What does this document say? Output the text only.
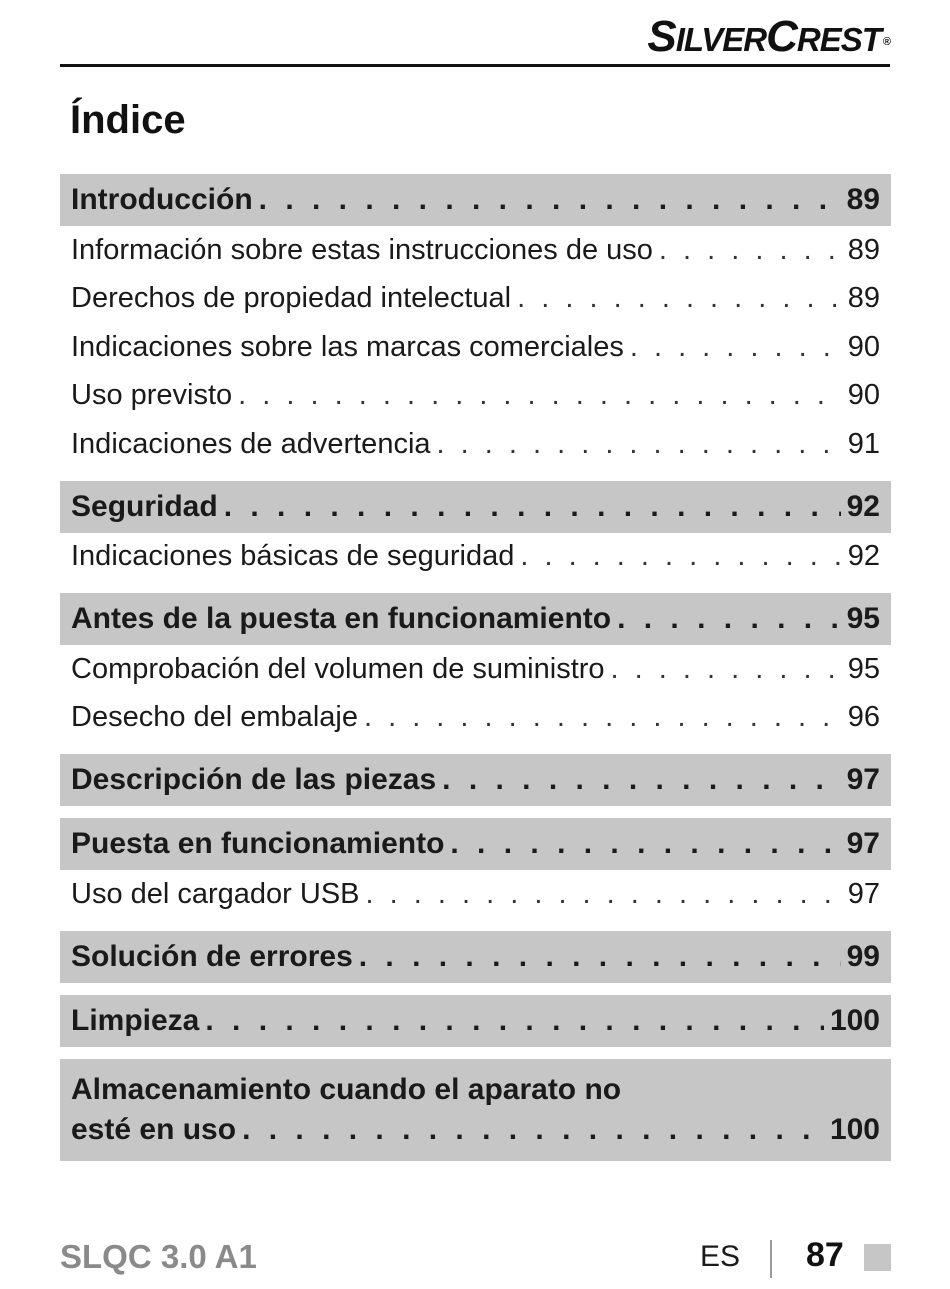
SILVERCREST ®
Índice
Introducción . . .	89
Información sobre estas instrucciones de uso . . .	89
Derechos de propiedad intelectual . . .	89
Indicaciones sobre las marcas comerciales . . .	90
Uso previsto . . .	90
Indicaciones de advertencia . . .	91
Seguridad . . .	92
Indicaciones básicas de seguridad . . .	92
Antes de la puesta en funcionamiento . . .	95
Comprobación del volumen de suministro . . .	95
Desecho del embalaje . . .	96
Descripción de las piezas . . .	97
Puesta en funcionamiento . . .	97
Uso del cargador USB . . .	97
Solución de errores . . .	99
Limpieza . . .	100
Almacenamiento cuando el aparato no
esté en uso . . .	100
SLQC 3.0 A1	ES 87
